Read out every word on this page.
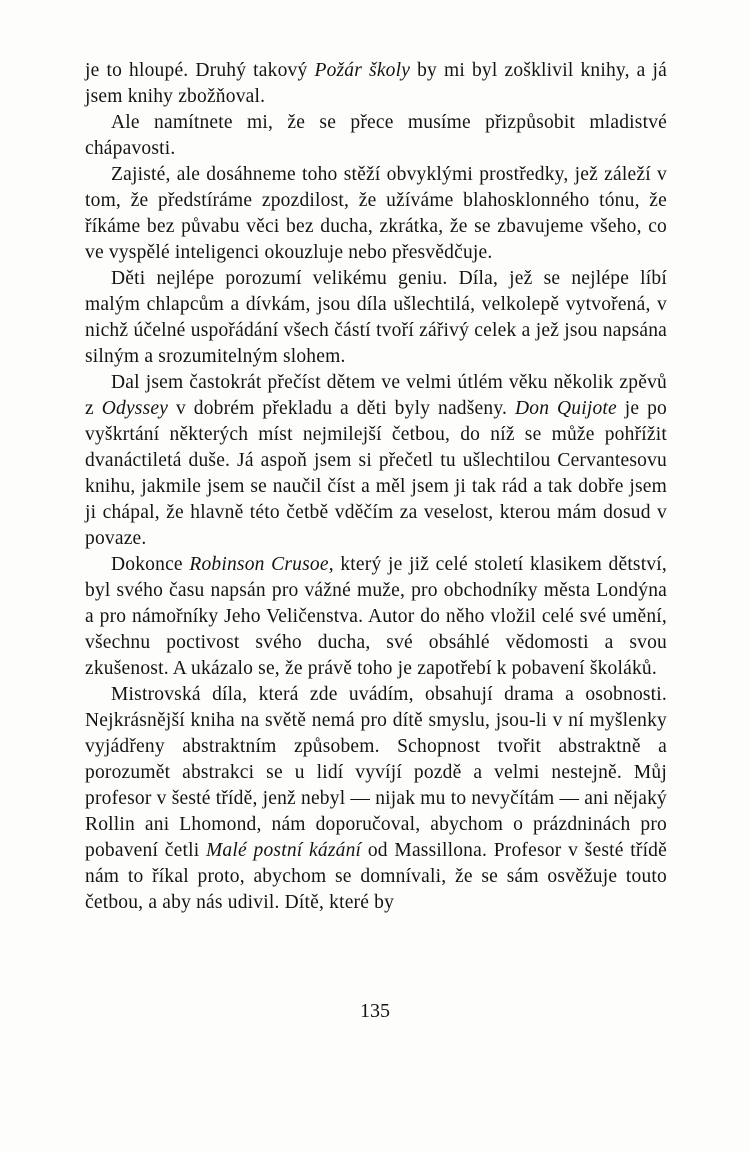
je to hloupé. Druhý takový Požár školy by mi byl zošklivil knihy, a já jsem knihy zbožňoval.

Ale namítnete mi, že se přece musíme přizpůsobit mladistvé chápavosti.

Zajisté, ale dosáhneme toho stěží obvyklými prostředky, jež záleží v tom, že předstíráme zpozdilost, že užíváme blahosklonného tónu, že říkáme bez půvabu věci bez ducha, zkrátka, že se zbavujeme všeho, co ve vyspělé inteligenci okouzluje nebo přesvědčuje.

Děti nejlépe porozumí velikému geniu. Díla, jež se nejlépe líbí malým chlapcům a dívkám, jsou díla ušlechtilá, velkolepě vytvořená, v nichž účelné uspořádání všech částí tvoří zářivý celek a jež jsou napsána silným a srozumitelným slohem.

Dal jsem častokrát přečíst dětem ve velmi útlém věku několik zpěvů z Odyssey v dobrém překladu a děti byly nadšeny. Don Quijote je po vyškrtání některých míst nejmilejší četbou, do níž se může pohřížit dvanáctiletá duše. Já aspoň jsem si přečetl tu ušlechtilou Cervantesovu knihu, jakmile jsem se naučil číst a měl jsem ji tak rád a tak dobře jsem ji chápal, že hlavně této četbě vděčím za veselost, kterou mám dosud v povaze.

Dokonce Robinson Crusoe, který je již celé století klasikem dětství, byl svého času napsán pro vážné muže, pro obchodníky města Londýna a pro námořníky Jeho Veličenstva. Autor do něho vložil celé své umění, všechnu poctivost svého ducha, své obsáhlé vědomosti a svou zkušenost. A ukázalo se, že právě toho je zapotřebí k pobavení školáků.

Mistrovská díla, která zde uvádím, obsahují drama a osobnosti. Nejkrásnější kniha na světě nemá pro dítě smyslu, jsou-li v ní myšlenky vyjádřeny abstraktním způsobem. Schopnost tvořit abstraktně a porozumět abstrakci se u lidí vyvíjí pozdě a velmi nestejně. Můj profesor v šesté třídě, jenž nebyl — nijak mu to nevyčítám — ani nějaký Rollin ani Lhomond, nám doporučoval, abychom o prázdninách pro pobavení četli Malé postní kázání od Massillona. Profesor v šesté třídě nám to říkal proto, abychom se domnívali, že se sám osvěžuje touto četbou, a aby nás udivil. Dítě, které by

135
